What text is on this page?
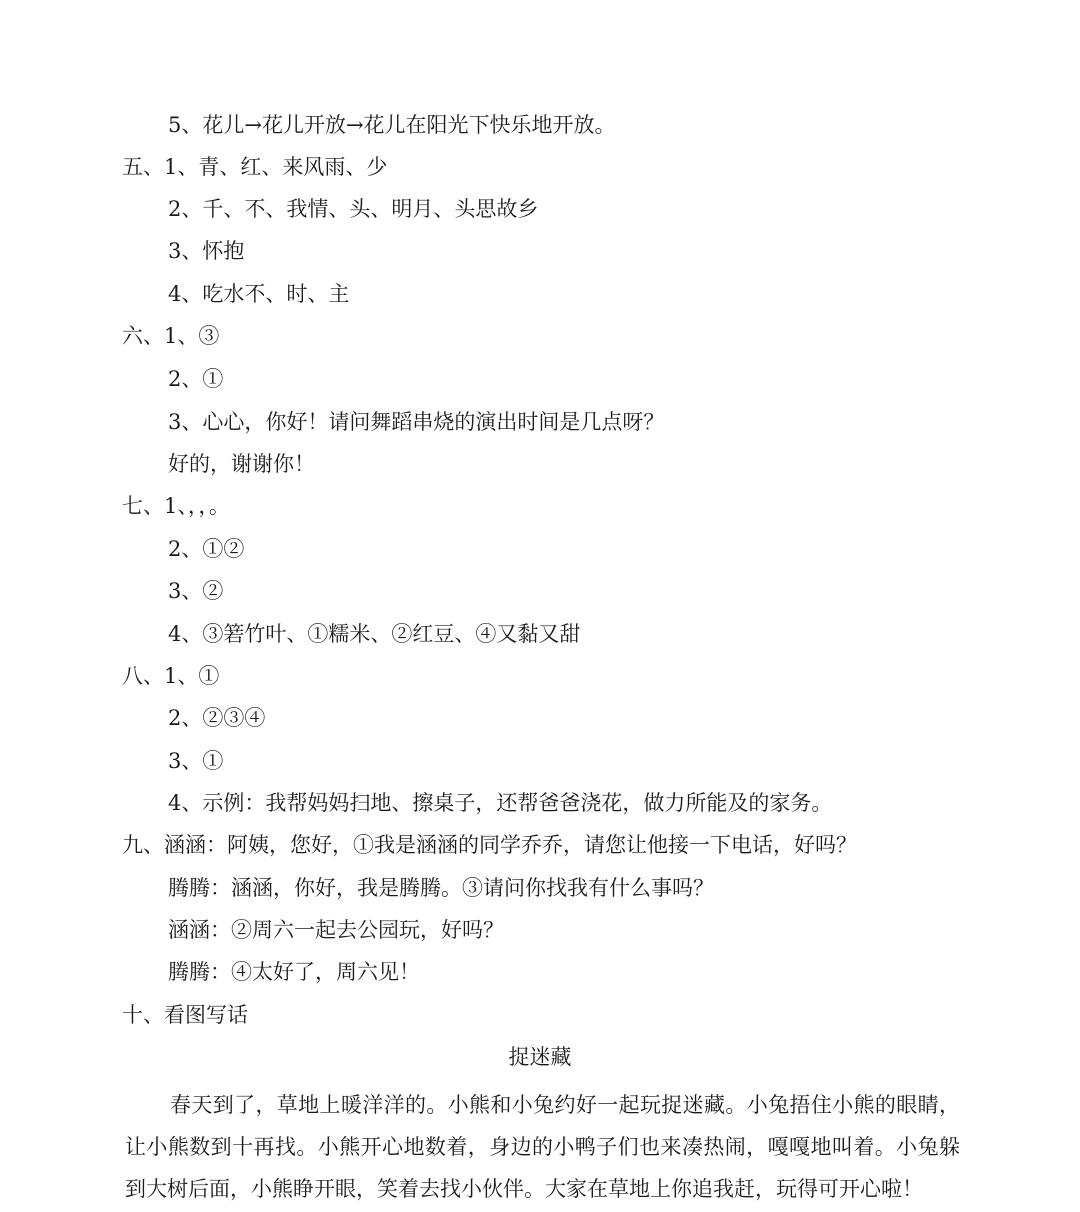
5、花儿→花儿开放→花儿在阳光下快乐地开放。
五、1、青、红、来风雨、少
2、千、不、我情、头、明月、头思故乡
3、怀抱
4、吃水不、时、主
六、1、③
2、①
3、心心，你好！请问舞蹈串烧的演出时间是几点呀？
好的，谢谢你！
七、1、，，。
2、①②
3、②
4、③箬竹叶、①糯米、②红豆、④又黏又甜
八、1、①
2、②③④
3、①
4、示例：我帮妈妈扫地、擦桌子，还帮爸爸浇花，做力所能及的家务。
九、涵涵：阿姨，您好，①我是涵涵的同学乔乔，请您让他接一下电话，好吗？
腾腾：涵涵，你好，我是腾腾。③请问你找我有什么事吗？
涵涵：②周六一起去公园玩，好吗？
腾腾：④太好了，周六见！
十、看图写话
捉迷藏
春天到了，草地上暖洋洋的。小熊和小兔约好一起玩捉迷藏。小兔捂住小熊的眼睛，让小熊数到十再找。小熊开心地数着，身边的小鸭子们也来凑热闹，嘎嘎地叫着。小兔躲到大树后面，小熊睁开眼，笑着去找小伙伴。大家在草地上你追我赶，玩得可开心啦！
